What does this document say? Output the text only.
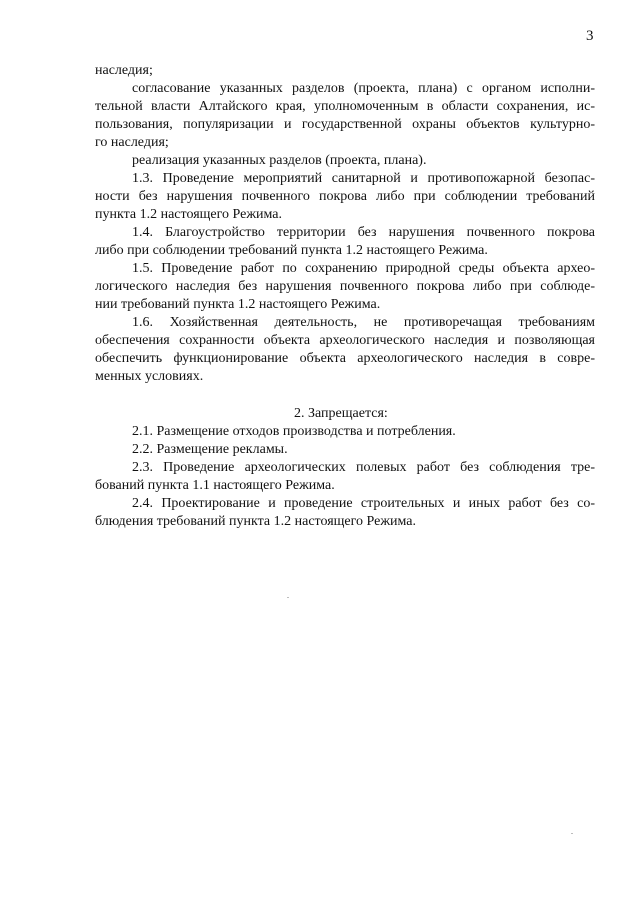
3
наследия;
согласование указанных разделов (проекта, плана) с органом исполни-
тельной власти Алтайского края, уполномоченным в области сохранения, ис-
пользования, популяризации и государственной охраны объектов культурно-
го наследия;
реализация указанных разделов (проекта, плана).
1.3. Проведение мероприятий санитарной и противопожарной безопас-
ности без нарушения почвенного покрова либо при соблюдении требований
пункта 1.2 настоящего Режима.
1.4. Благоустройство территории без нарушения почвенного покрова
либо при соблюдении требований пункта 1.2 настоящего Режима.
1.5. Проведение работ по сохранению природной среды объекта археo-
логического наследия без нарушения почвенного покрова либо при соблюде-
нии требований пункта 1.2 настоящего Режима.
1.6. Хозяйственная деятельность, не противоречащая требованиям
обеспечения сохранности объекта археологического наследия и позволяющая
обеспечить функционирование объекта археологического наследия в совре-
менных условиях.
2. Запрещается:
2.1. Размещение отходов производства и потребления.
2.2. Размещение рекламы.
2.3. Проведение археологических полевых работ без соблюдения тре-
бований пункта 1.1 настоящего Режима.
2.4. Проектирование и проведение строительных и иных работ без со-
блюдения требований пункта 1.2 настоящего Режима.
